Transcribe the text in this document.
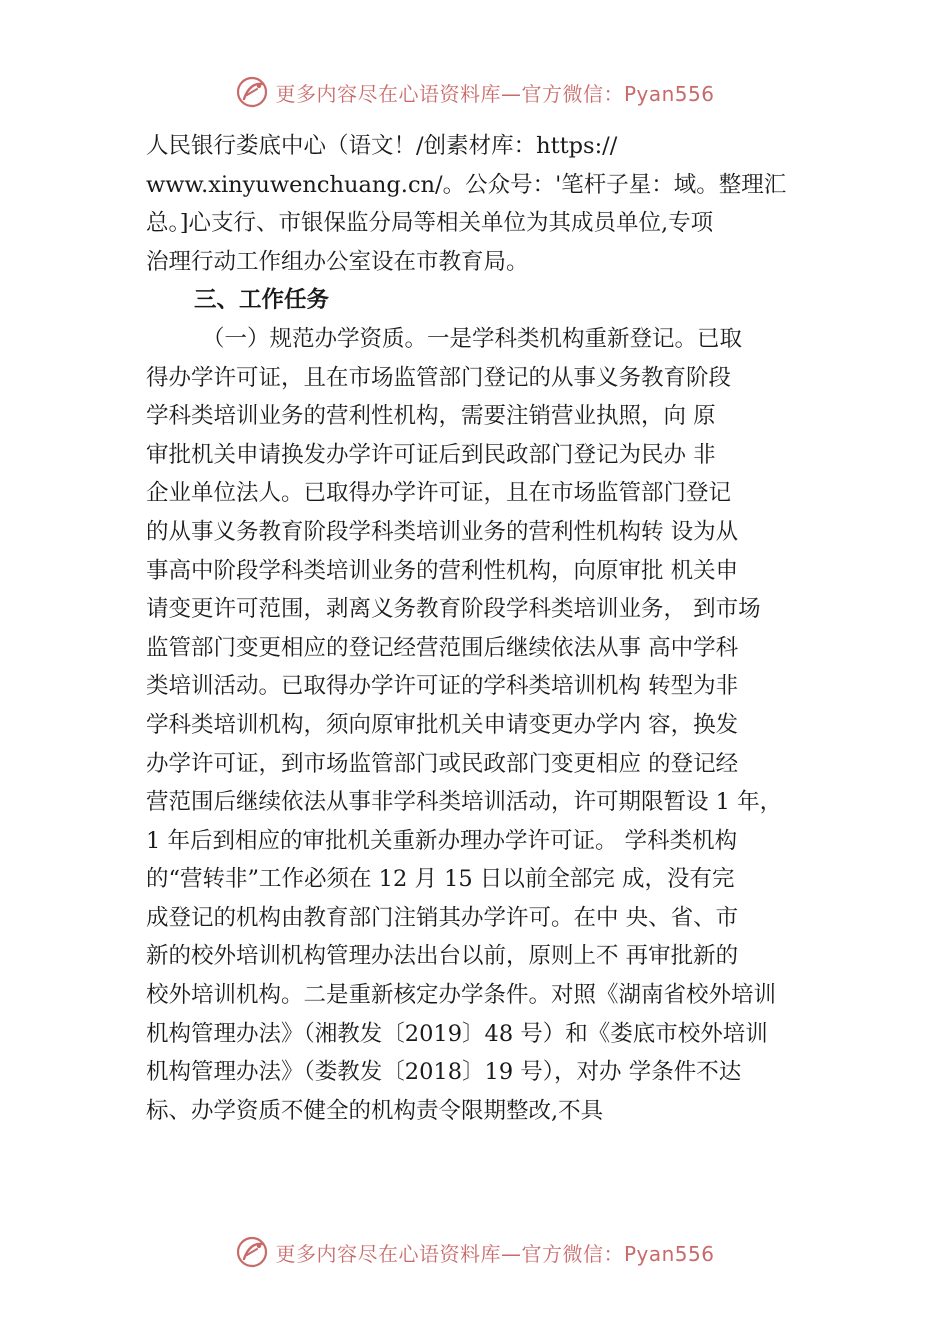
更多内容尽在心语资料库—官方微信：Pyan556
人民银行娄底中心（语文！/创素材库：https://
www.xinyuwenchuang.cn/。公众号：'笔杆子星：域。整理汇
总。]心支行、市银保监分局等相关单位为其成员单位,专项
治理行动工作组办公室设在市教育局。
三、工作任务
（一）规范办学资质。一是学科类机构重新登记。已取
得办学许可证，且在市场监管部门登记的从事义务教育阶段
学科类培训业务的营利性机构，需要注销营业执照，向 原
审批机关申请换发办学许可证后到民政部门登记为民办 非
企业单位法人。已取得办学许可证，且在市场监管部门登记
的从事义务教育阶段学科类培训业务的营利性机构转 设为从
事高中阶段学科类培训业务的营利性机构，向原审批 机关申
请变更许可范围，剥离义务教育阶段学科类培训业务， 到市场
监管部门变更相应的登记经营范围后继续依法从事 高中学科
类培训活动。已取得办学许可证的学科类培训机构 转型为非
学科类培训机构，须向原审批机关申请变更办学内 容，换发
办学许可证，到市场监管部门或民政部门变更相应 的登记经
营范围后继续依法从事非学科类培训活动，许可期限暂设 1 年，
1 年后到相应的审批机关重新办理办学许可证。 学科类机构
的“营转非”工作必须在 12 月 15 日以前全部完 成，没有完
成登记的机构由教育部门注销其办学许可。在中 央、省、市
新的校外培训机构管理办法出台以前，原则上不 再审批新的
校外培训机构。二是重新核定办学条件。对照《湖南省校外培训
机构管理办法》（湘教发〔2019〕48 号）和《娄底市校外培训
机构管理办法》（娄教发〔2018〕19 号），对办 学条件不达
标、办学资质不健全的机构责令限期整改,不具
更多内容尽在心语资料库—官方微信：Pyan556
